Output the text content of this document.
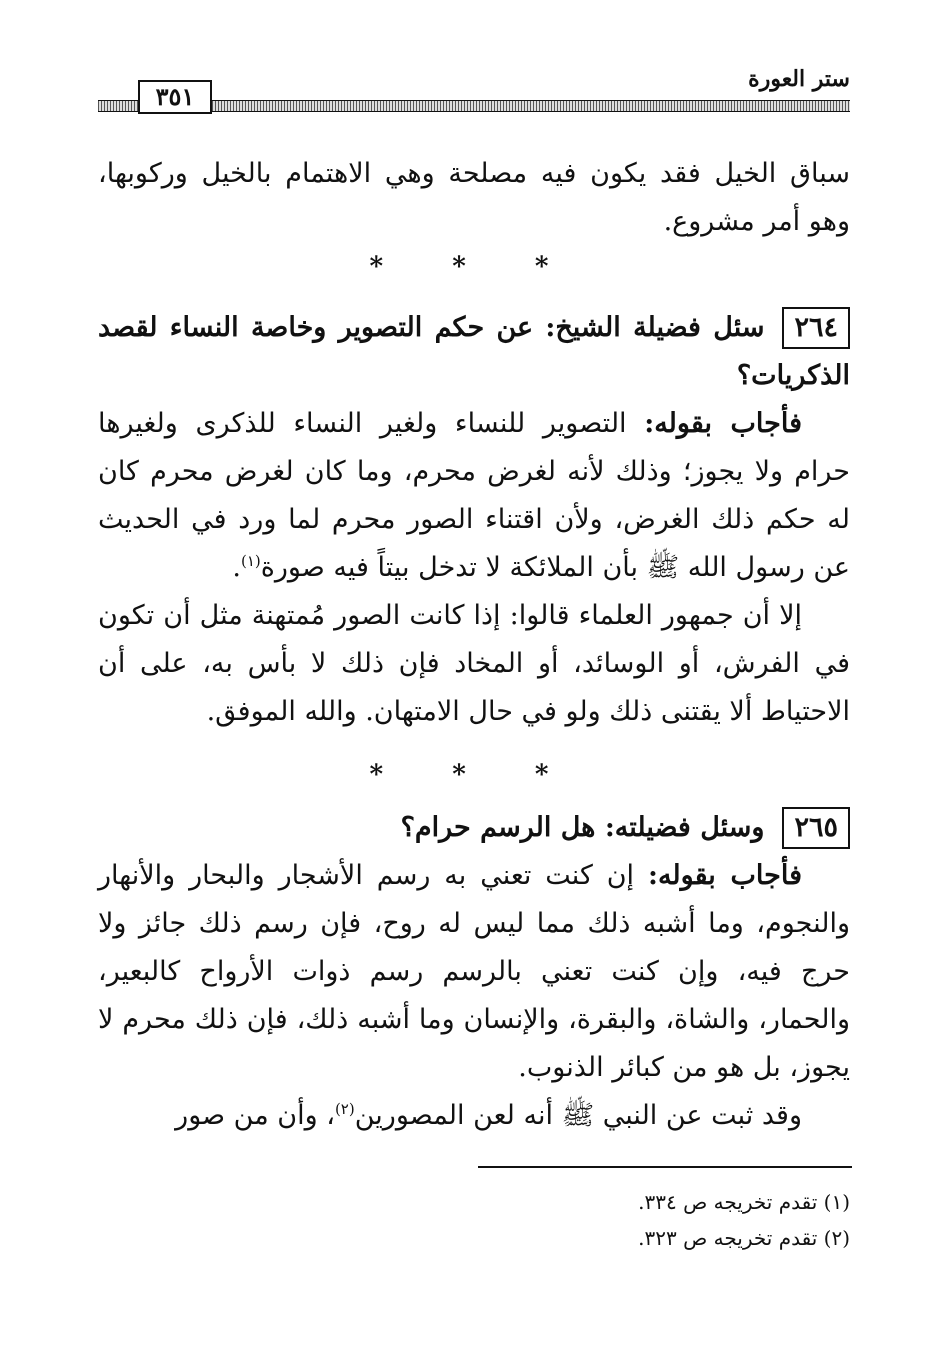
ستر العورة
٣٥١

سباق الخيل فقد يكون فيه مصلحة وهي الاهتمام بالخيل وركوبها، وهو أمر مشروع.

* * *

٢٦٤سئل فضيلة الشيخ: عن حكم التصوير وخاصة النساء لقصد الذكريات؟

فأجاب بقوله: التصوير للنساء ولغير النساء للذكرى ولغيرها حرام ولا يجوز؛ وذلك لأنه لغرض محرم، وما كان لغرض محرم كان له حكم ذلك الغرض، ولأن اقتناء الصور محرم لما ورد في الحديث عن رسول الله ﷺ بأن الملائكة لا تدخل بيتاً فيه صورة$^{(١)}$.

إلا أن جمهور العلماء قالوا: إذا كانت الصور مُمتهنة مثل أن تكون في الفرش، أو الوسائد، أو المخاد فإن ذلك لا بأس به، على أن الاحتياط ألا يقتنى ذلك ولو في حال الامتهان. والله الموفق.

* * *

٢٦٥وسئل فضيلته: هل الرسم حرام؟

فأجاب بقوله: إن كنت تعني به رسم الأشجار والبحار والأنهار والنجوم، وما أشبه ذلك مما ليس له روح، فإن رسم ذلك جائز ولا حرج فيه، وإن كنت تعني بالرسم رسم ذوات الأرواح كالبعير، والحمار، والشاة، والبقرة، والإنسان وما أشبه ذلك، فإن ذلك محرم لا يجوز، بل هو من كبائر الذنوب.

وقد ثبت عن النبي ﷺ أنه لعن المصورين$^{(٢)}$، وأن من صور

(١) تقدم تخريجه ص ٣٣٤.

(٢) تقدم تخريجه ص ٣٢٣.
